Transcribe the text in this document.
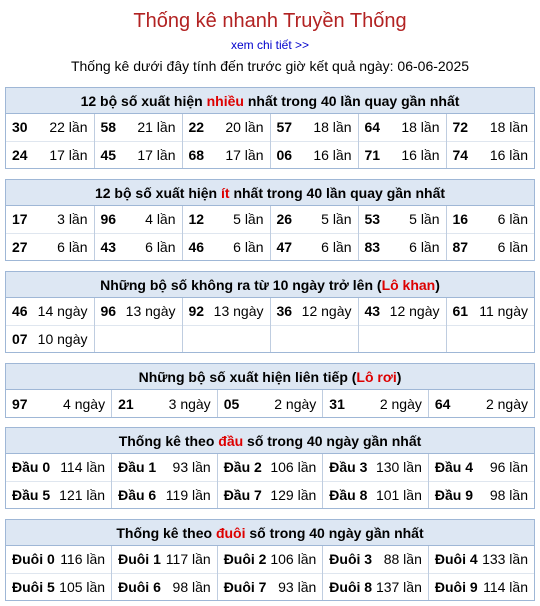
Thống kê nhanh Truyền Thống
xem chi tiết >>
Thống kê dưới đây tính đến trước giờ kết quả ngày: 06-06-2025
12 bộ số xuất hiện nhiều nhất trong 40 lần quay gần nhất
30 22 lần	58 21 lần	22 20 lần	57 18 lần	64 18 lần	72 18 lần

24 17 lần	45 17 lần	68 17 lần	06 16 lần	71 16 lần	74 16 lần
12 bộ số xuất hiện ít nhất trong 40 lần quay gần nhất
17 3 lần	96 4 lần	12 5 lần	26 5 lần	53 5 lần	16 6 lần

27 6 lần	43 6 lần	46 6 lần	47 6 lần	83 6 lần	87 6 lần
Những bộ số không ra từ 10 ngày trở lên (Lô khan)
46 14 ngày	96 13 ngày	92 13 ngày	36 12 ngày	43 12 ngày	61 11 ngày

07 10 ngày					

Những bộ số xuất hiện liên tiếp (Lô rơi)
97	4 ngày	21 3 ngày	05 2 ngày	31 2 ngày	64	2 ngày
Thống kê theo đầu số trong 40 ngày gần nhất
Đầu 0 114 lần	Đầu 1 93 lần	Đầu 2 106 lần	Đầu 3 130 lần	Đầu 4 96 lần

Đầu 5 121 lần	Đầu 6 119 lần	Đầu 7 129 lần	Đầu 8 101 lần	Đầu 9 98 lần
Thống kê theo đuôi số trong 40 ngày gần nhất
Đuôi 0 116 lần	Đuôi 1 117 lần	Đuôi 2 106 lần	Đuôi 3 88 lần	Đuôi 4 133 lần

Đuôi 5 105 lần	Đuôi 6 98 lần	Đuôi 7 93 lần	Đuôi 8 137 lần	Đuôi 9 114 lần
